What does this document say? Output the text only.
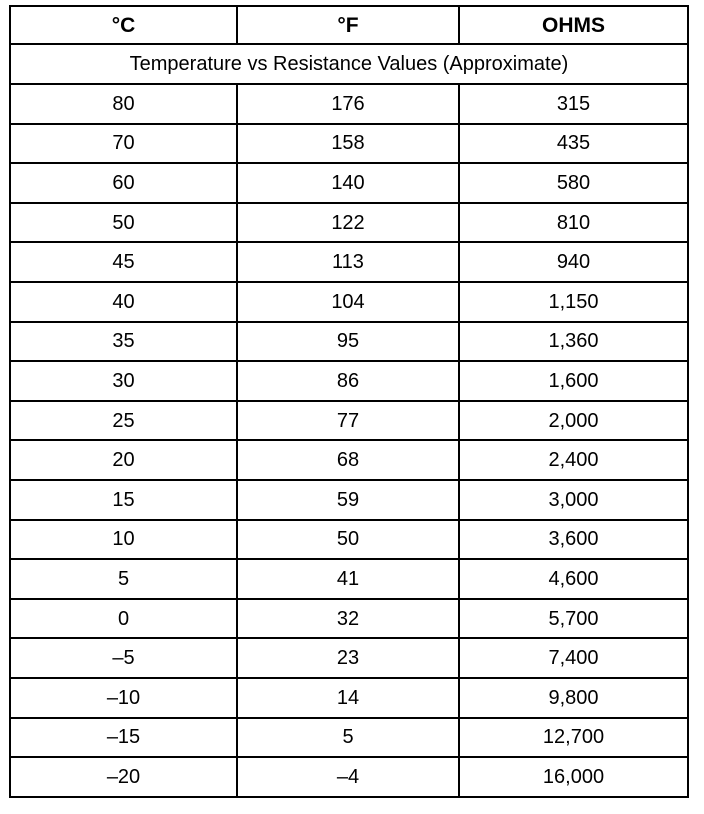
°C	°F	OHMS
Temperature vs Resistance Values (Approximate)		
80	176	315
70	158	435
60	140	580
50	122	810
45	113	940
40	104	1,150
35	95	1,360
30	86	1,600
25	77	2,000
20	68	2,400
15	59	3,000
10	50	3,600
5	41	4,600
0	32	5,700
–5	23	7,400
–10	14	9,800
–15	5	12,700
–20	–4	16,000
